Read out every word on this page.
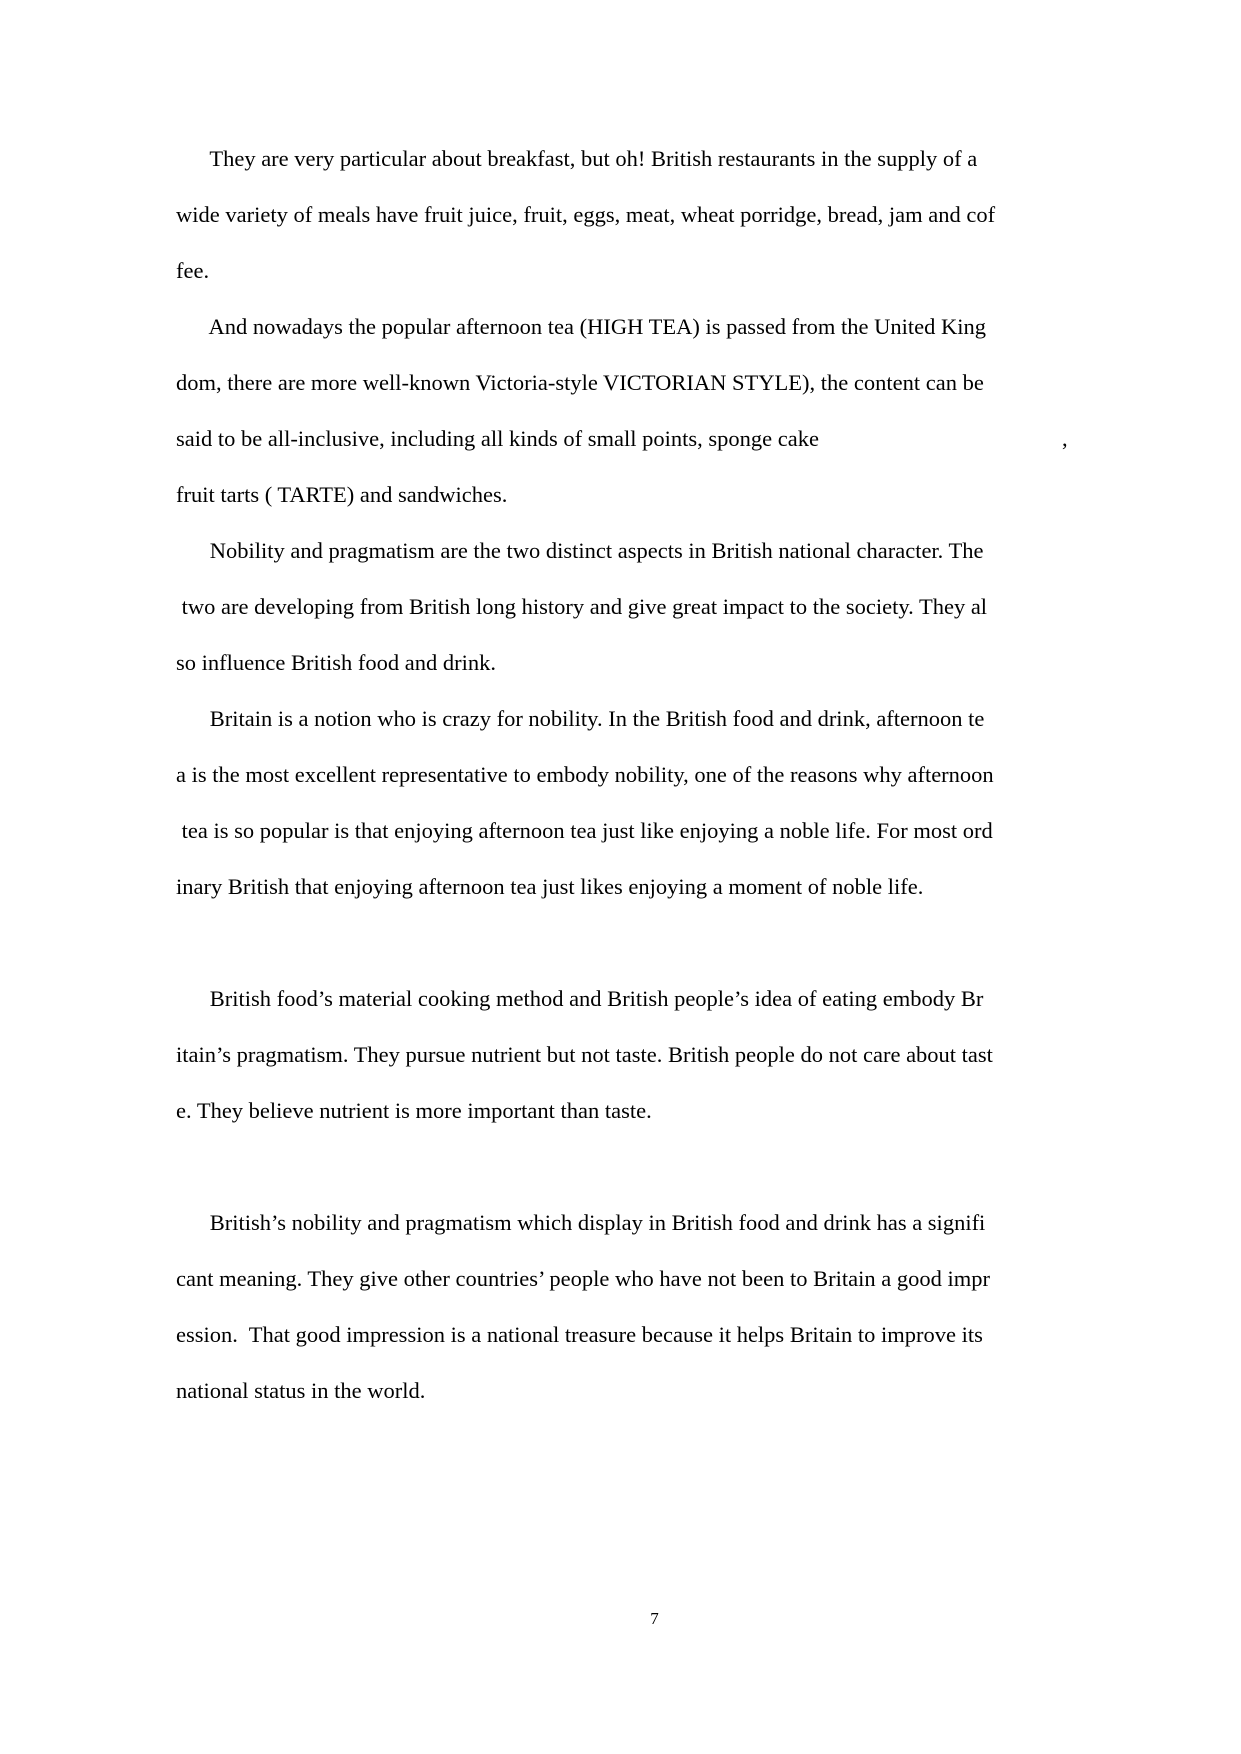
They are very particular about breakfast, but oh! British restaurants in the supply of a
wide variety of meals have fruit juice, fruit, eggs, meat, wheat porridge, bread, jam and cof
fee.
And nowadays the popular afternoon tea (HIGH TEA) is passed from the United King
dom, there are more well-known Victoria-style VICTORIAN STYLE), the content can be
said to be all-inclusive, including all kinds of small points, sponge cake	,
fruit tarts ( TARTE) and sandwiches.
Nobility and pragmatism are the two distinct aspects in British national character. The
two are developing from British long history and give great impact to the society. They al
so influence British food and drink.
Britain is a notion who is crazy for nobility. In the British food and drink, afternoon te
a is the most excellent representative to embody nobility, one of the reasons why afternoon
tea is so popular is that enjoying afternoon tea just like enjoying a noble life. For most ord
inary British that enjoying afternoon tea just likes enjoying a moment of noble life.
British food’s material cooking method and British people’s idea of eating embody Br
itain’s pragmatism. They pursue nutrient but not taste. British people do not care about tast
e. They believe nutrient is more important than taste.
British’s nobility and pragmatism which display in British food and drink has a signifi
cant meaning. They give other countries’ people who have not been to Britain a good impr
ession.  That good impression is a national treasure because it helps Britain to improve its
national status in the world.
7
